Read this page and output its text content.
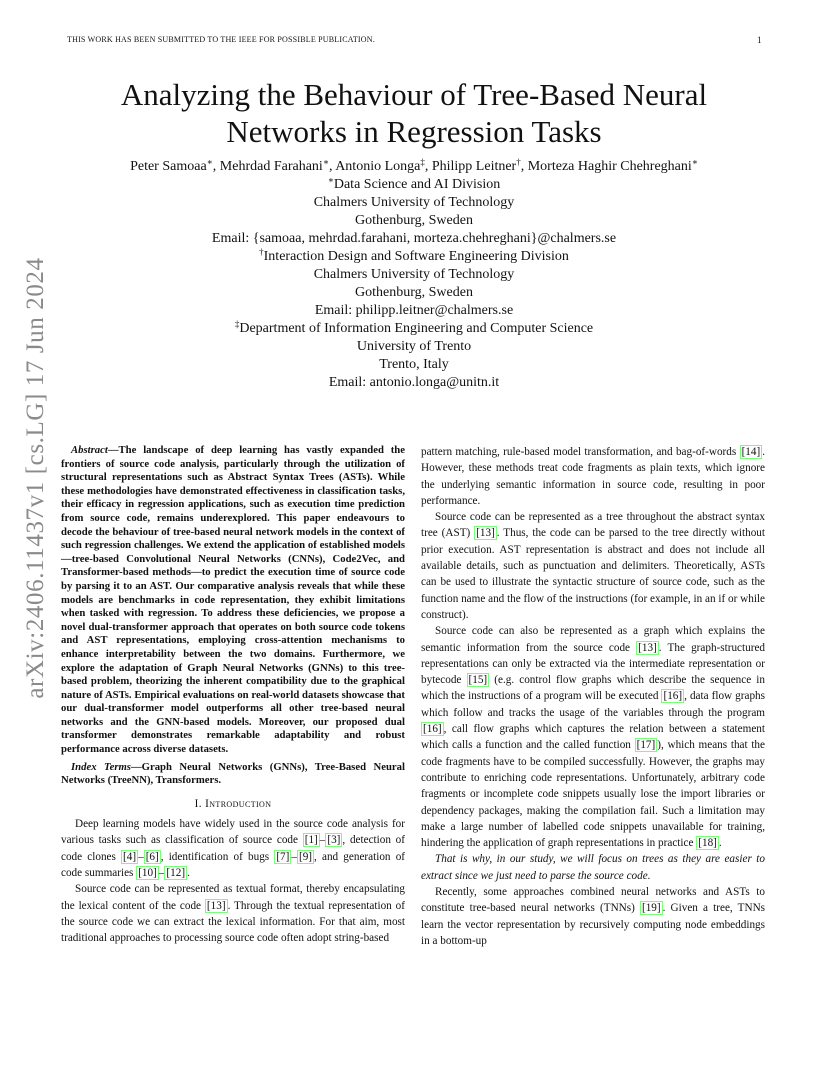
THIS WORK HAS BEEN SUBMITTED TO THE IEEE FOR POSSIBLE PUBLICATION.	1
arXiv:2406.11437v1 [cs.LG] 17 Jun 2024
Analyzing the Behaviour of Tree-Based Neural
Networks in Regression Tasks
Peter Samoaa∗, Mehrdad Farahani∗, Antonio Longa‡, Philipp Leitner†, Morteza Haghir Chehreghani∗
∗Data Science and AI Division
Chalmers University of Technology
Gothenburg, Sweden
Email: {samoaa, mehrdad.farahani, morteza.chehreghani}@chalmers.se
†Interaction Design and Software Engineering Division
Chalmers University of Technology
Gothenburg, Sweden
Email: philipp.leitner@chalmers.se
‡Department of Information Engineering and Computer Science
University of Trento
Trento, Italy
Email: antonio.longa@unitn.it

Abstract—The landscape of deep learning has vastly expanded the frontiers of source code analysis, particularly through the utilization of structural representations such as Abstract Syntax Trees (ASTs). While these methodologies have demonstrated effectiveness in classification tasks, their efficacy in regression applications, such as execution time prediction from source code, remains underexplored. This paper endeavours to decode the behaviour of tree-based neural network models in the context of such regression challenges. We extend the application of established models—tree-based Convolutional Neural Networks (CNNs), Code2Vec, and Transformer-based methods—to predict the execution time of source code by parsing it to an AST. Our comparative analysis reveals that while these models are benchmarks in code representation, they exhibit limitations when tasked with regression. To address these deficiencies, we propose a novel dual-transformer approach that operates on both source code tokens and AST representations, employing cross-attention mechanisms to enhance interpretability between the two domains. Furthermore, we explore the adaptation of Graph Neural Networks (GNNs) to this tree-based problem, theorizing the inherent compatibility due to the graphical nature of ASTs. Empirical evaluations on real-world datasets showcase that our dual-transformer model outperforms all other tree-based neural networks and the GNN-based models. Moreover, our proposed dual transformer demonstrates remarkable adaptability and robust performance across diverse datasets.

Index Terms—Graph Neural Networks (GNNs), Tree-Based Neural Networks (TreeNN), Transformers.

I. Introduction

Deep learning models have widely used in the source code analysis for various tasks such as classification of source code [1] – [3] , detection of code clones [4] – [6] , identification of bugs [7] – [9] , and generation of code summaries [10] – [12] .

Source code can be represented as textual format, thereby encapsulating the lexical content of the code [13] . Through the textual representation of the source code we can extract the lexical information. For that aim, most traditional approaches to processing source code often adopt string-based

pattern matching, rule-based model transformation, and bag-of-words [14] . However, these methods treat code fragments as plain texts, which ignore the underlying semantic information in source code, resulting in poor performance.

Source code can be represented as a tree throughout the abstract syntax tree (AST) [13] . Thus, the code can be parsed to the tree directly without prior execution. AST representation is abstract and does not include all available details, such as punctuation and delimiters. Theoretically, ASTs can be used to illustrate the syntactic structure of source code, such as the function name and the flow of the instructions (for example, in an if or while construct).

Source code can also be represented as a graph which explains the semantic information from the source code [13] . The graph-structured representations can only be extracted via the intermediate representation or bytecode [15] (e.g. control flow graphs which describe the sequence in which the instructions of a program will be executed [16] , data flow graphs which follow and tracks the usage of the variables through the program [16] , call flow graphs which captures the relation between a statement which calls a function and the called function [17] ), which means that the code fragments have to be compiled successfully. However, the graphs may contribute to enriching code representations. Unfortunately, arbitrary code fragments or incomplete code snippets usually lose the import libraries or dependency packages, making the compilation fail. Such a limitation may make a large number of labelled code snippets unavailable for training, hindering the application of graph representations in practice [18] .

That is why, in our study, we will focus on trees as they are easier to extract since we just need to parse the source code.

Recently, some approaches combined neural networks and ASTs to constitute tree-based neural networks (TNNs) [19] . Given a tree, TNNs learn the vector representation by recursively computing node embeddings in a bottom-up
